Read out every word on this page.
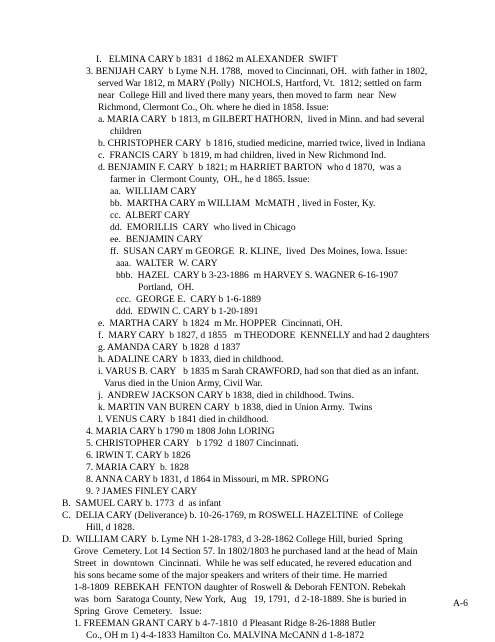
I.   ELMINA CARY b 1831  d 1862 m ALEXANDER  SWIFT
3. BENIJAH CARY  b Lyme N.H. 1788,  moved to Cincinnati, OH.  with father in 1802,
served War 1812, m MARY (Polly)  NICHOLS, Hartford, Vt.  1812; settled on farm
near  College Hill and lived there many years, then moved to farm  near  New
Richmond, Clermont Co., Oh. where he died in 1858. Issue:
a. MARIA CARY  b 1813, m GILBERT HATHORN,  lived in Minn. and had several
children
b. CHRISTOPHER CARY  b 1816, studied medicine, married twice, lived in Indiana
c.  FRANCIS CARY  b 1819, m had children, lived in New Richmond Ind.
d. BENJAMIN F. CARY  b 1821; m HARRIET BARTON  who d 1870,  was a
farmer in  Clermont County,  OH., he d 1865. Issue:
aa.  WILLIAM CARY
bb.  MARTHA CARY m WILLIAM  McMATH , lived in Foster, Ky.
cc.  ALBERT CARY
dd.  EMORILLIS  CARY  who lived in Chicago
ee.  BENJAMIN CARY
ff.  SUSAN CARY m GEORGE  R. KLINE,  lived  Des Moines, Iowa. Issue:
aaa.  WALTER  W. CARY
bbb.  HAZEL  CARY b 3-23-1886  m HARVEY S. WAGNER 6-16-1907
Portland,  OH.
ccc.  GEORGE E.  CARY b 1-6-1889
ddd.  EDWIN C. CARY b 1-20-1891
e.  MARTHA CARY  b 1824  m Mr. HOPPER  Cincinnati, OH.
f.  MARY CARY  b 1827, d 1855   m THEODORE  KENNELLY and had 2 daughters
g. AMANDA CARY  b 1828  d 1837
h. ADALINE CARY  b 1833, died in childhood.
i. VARUS B. CARY   b 1835 m Sarah CRAWFORD, had son that died as an infant.
Varus died in the Union Army, Civil War.
j.  ANDREW JACKSON CARY b 1838, died in childhood. Twins.
k. MARTIN VAN BUREN CARY  b 1838, died in Union Army.  Twins
l. VENUS CARY  b 1841 died in childhood.
4. MARIA CARY b 1790 m 1808 John LORING
5. CHRISTOPHER CARY   b 1792  d 1807 Cincinnati.
6. IRWIN T. CARY b 1826
7. MARIA CARY  b. 1828
8. ANNA CARY b 1831, d 1864 in Missouri, m MR. SPRONG
9. ? JAMES FINLEY CARY
B.  SAMUEL CARY b. 1773  d  as infant
C.  DELIA CARY (Deliverance) b. 10-26-1769, m ROSWELL HAZELTINE  of College
Hill, d 1828.
D.  WILLIAM CARY  b. Lyme NH 1-28-1783, d 3-28-1862 College Hill, buried  Spring
Grove  Cemetery. Lot 14 Section 57. In 1802/1803 he purchased land at the head of Main
Street  in  downtown  Cincinnati.  While he was self educated, he revered education and
his sons became some of the major speakers and writers of their time. He married
1-8-1809  REBEKAH  FENTON daughter of Roswell & Deborah FENTON. Rebekah
was  born  Saratoga County, New York,  Aug   19, 1791,  d 2-18-1889. She is buried in
Spring  Grove  Cemetery.   Issue:
1. FREEMAN GRANT CARY b 4-7-1810  d Pleasant Ridge 8-26-1888 Butler
Co., OH m 1) 4-4-1833 Hamilton Co. MALVINA McCANN d 1-8-1872
A-6
